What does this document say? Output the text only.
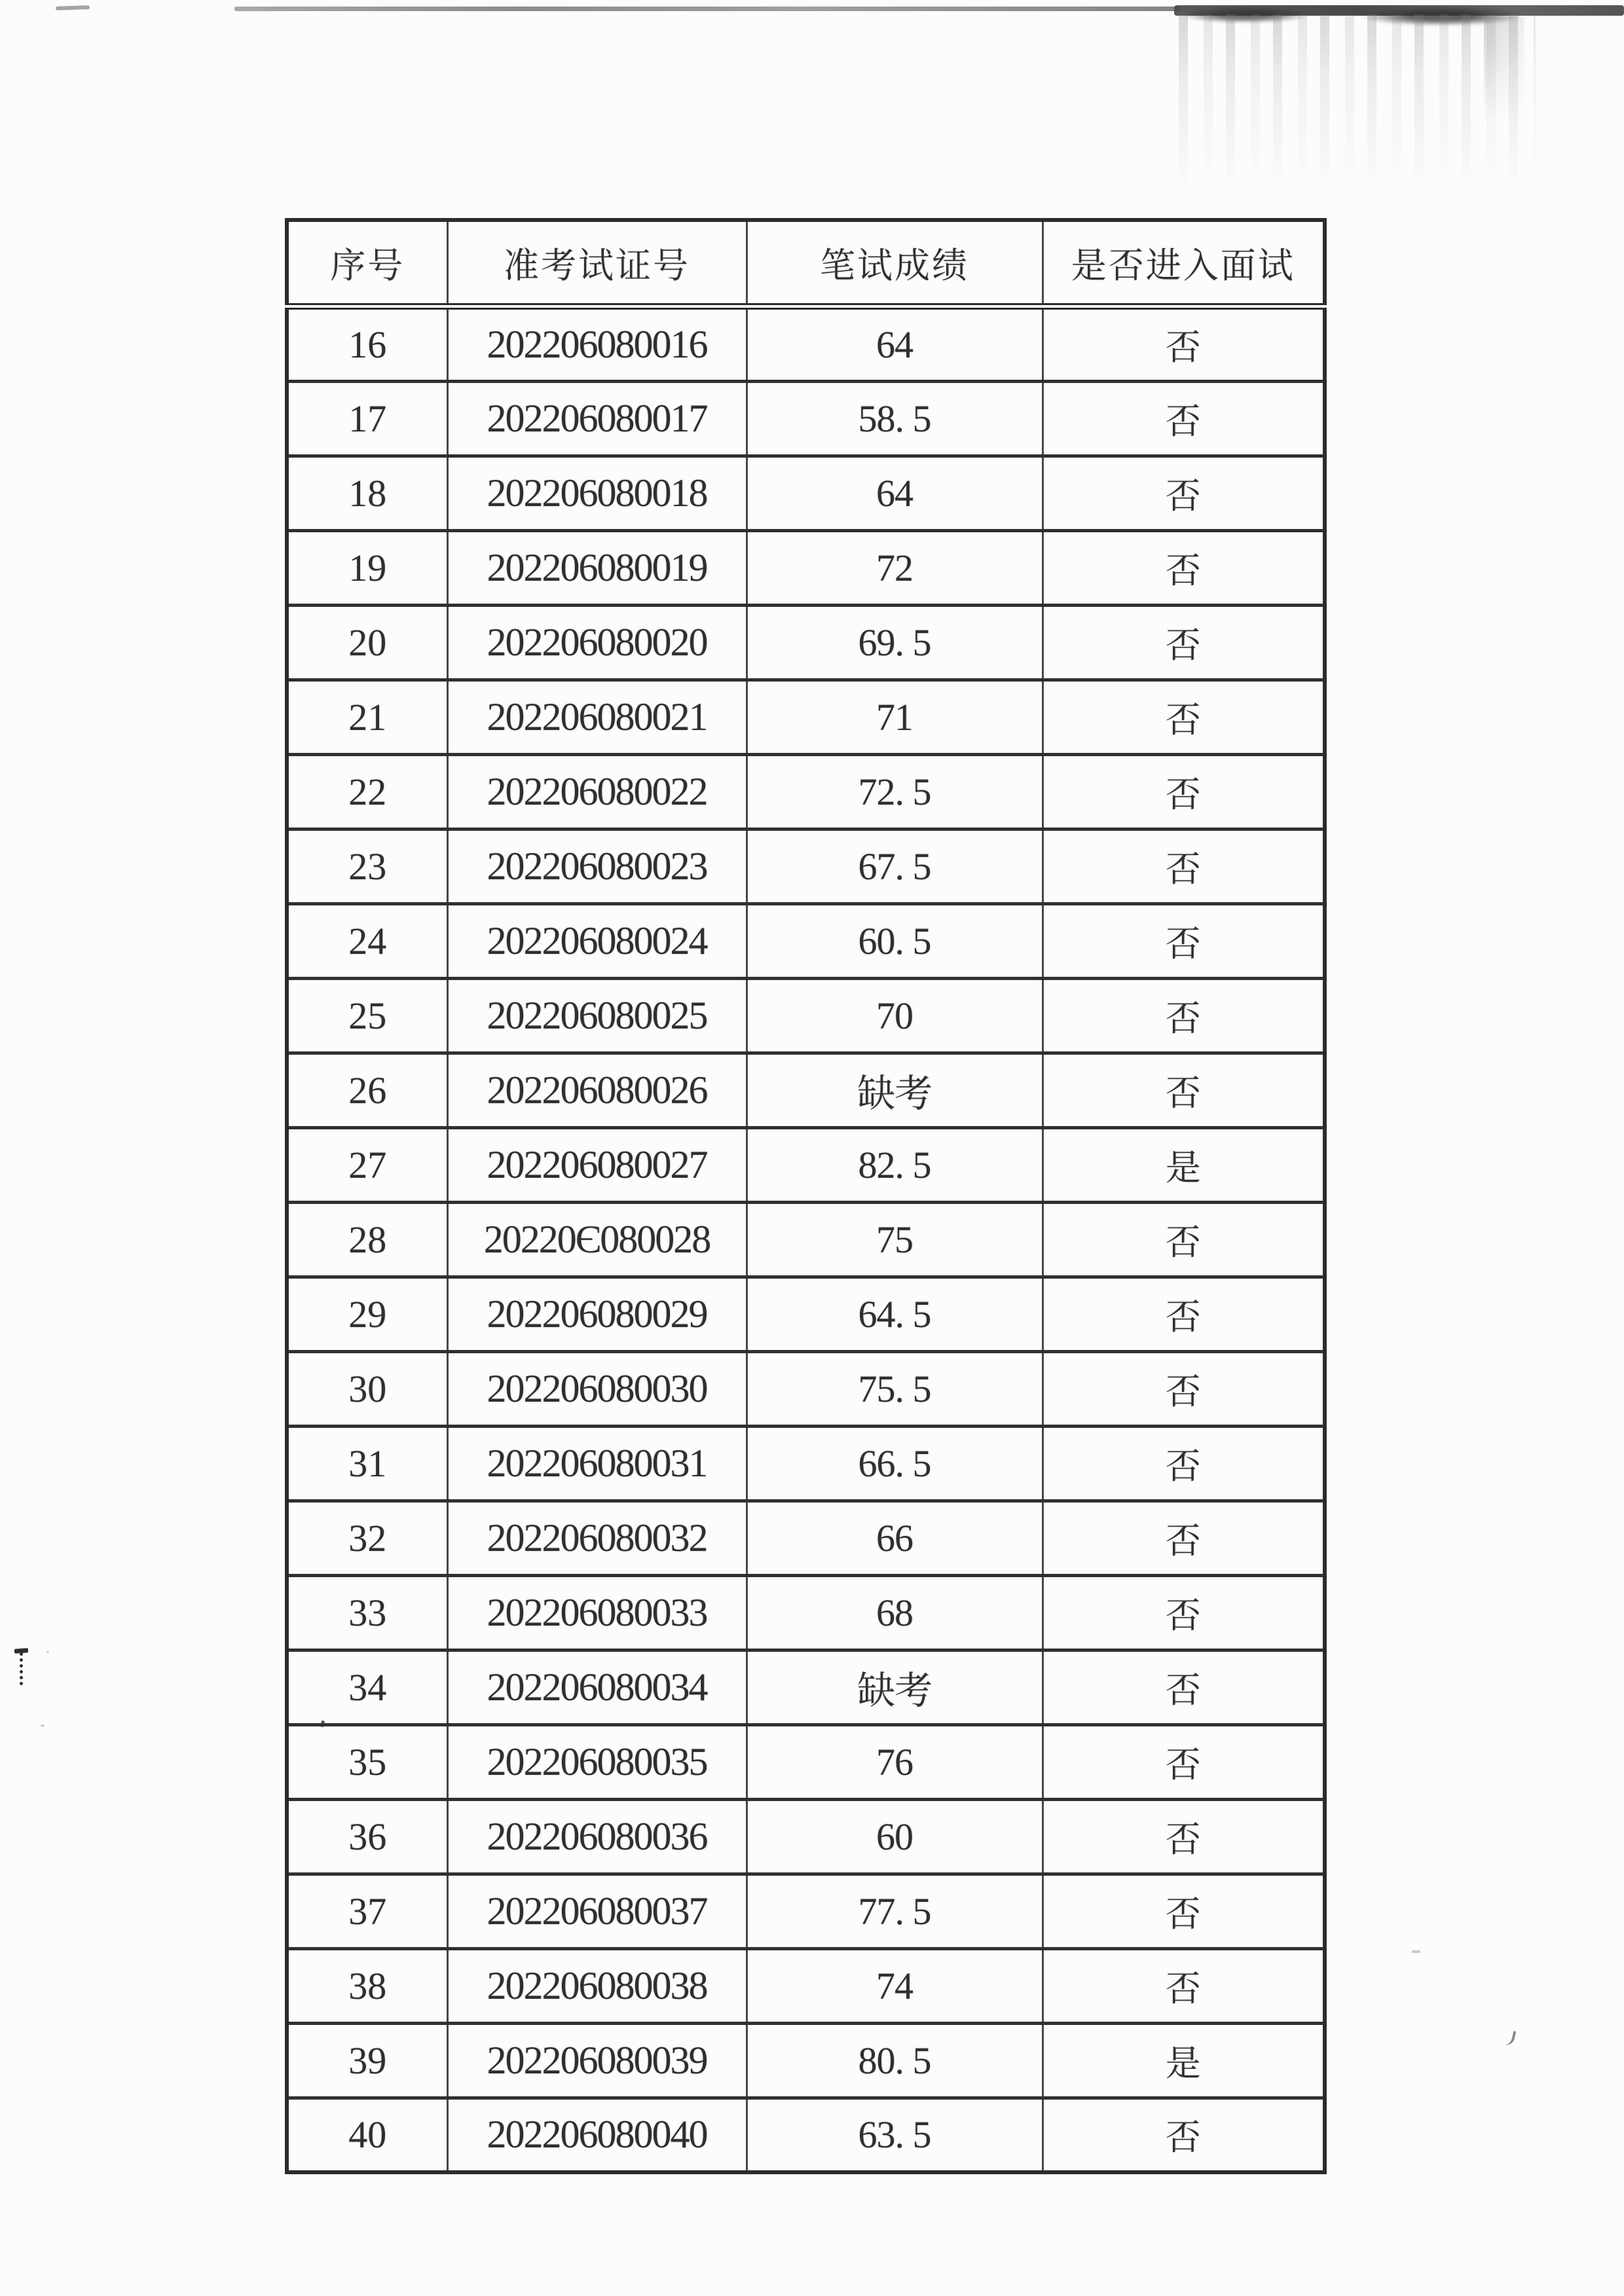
序号	准考试证号	笔试成绩	是否进入面试
16	202206080016	64	否
17	202206080017	58. 5	否
18	202206080018	64	否
19	202206080019	72	否
20	202206080020	69. 5	否
21	202206080021	71	否
22	202206080022	72. 5	否
23	202206080023	67. 5	否
24	202206080024	60. 5	否
25	202206080025	70	否
26	202206080026	缺考	否
27	202206080027	82. 5	是
28	20220Є080028	75	否
29	202206080029	64. 5	否
30	202206080030	75. 5	否
31	202206080031	66. 5	否
32	202206080032	66	否
33	202206080033	68	否
34	202206080034	缺考	否
35	202206080035	76	否
36	202206080036	60	否
37	202206080037	77. 5	否
38	202206080038	74	否
39	202206080039	80. 5	是
40	202206080040	63. 5	否
